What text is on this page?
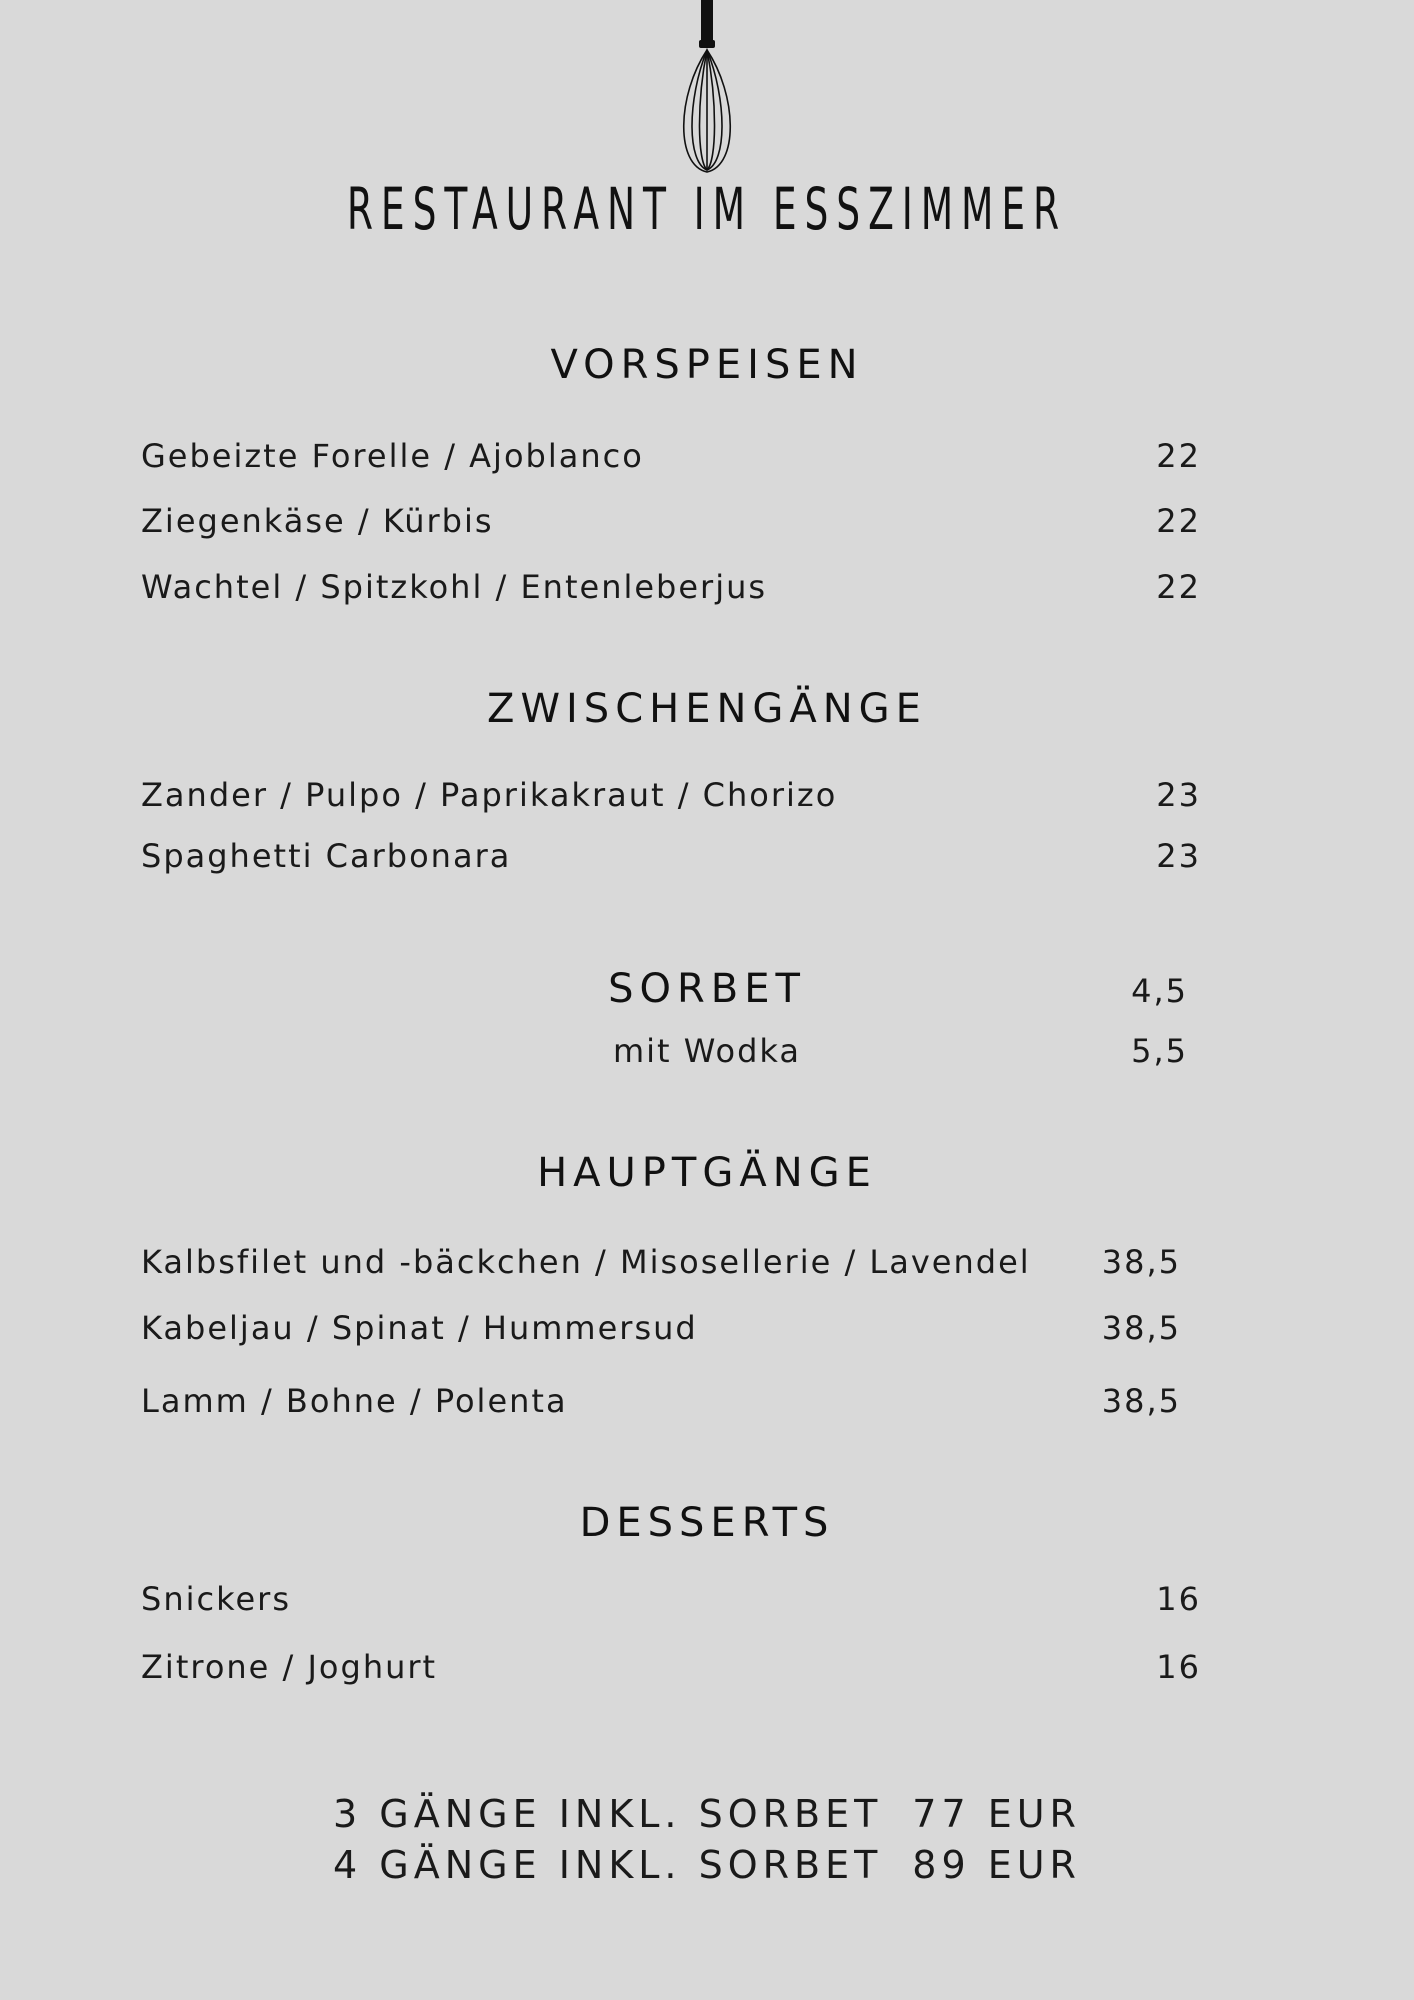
RESTAURANT IM ESSZIMMER
VORSPEISEN
Gebeizte Forelle / Ajoblanco	22
Ziegenkäse / Kürbis	22
Wachtel / Spitzkohl / Entenleberjus	22
ZWISCHENGÄNGE
Zander / Pulpo / Paprikakraut / Chorizo	23
Spaghetti Carbonara	23
SORBET	4,5
mit Wodka	5,5
HAUPTGÄNGE
Kalbsfilet und -bäckchen / Misosellerie / Lavendel	38,5
Kabeljau / Spinat / Hummersud	38,5
Lamm / Bohne / Polenta	38,5
DESSERTS
Snickers	16
Zitrone / Joghurt	16
3 GÄNGE INKL. SORBET 77 EUR
4 GÄNGE INKL. SORBET 89 EUR
